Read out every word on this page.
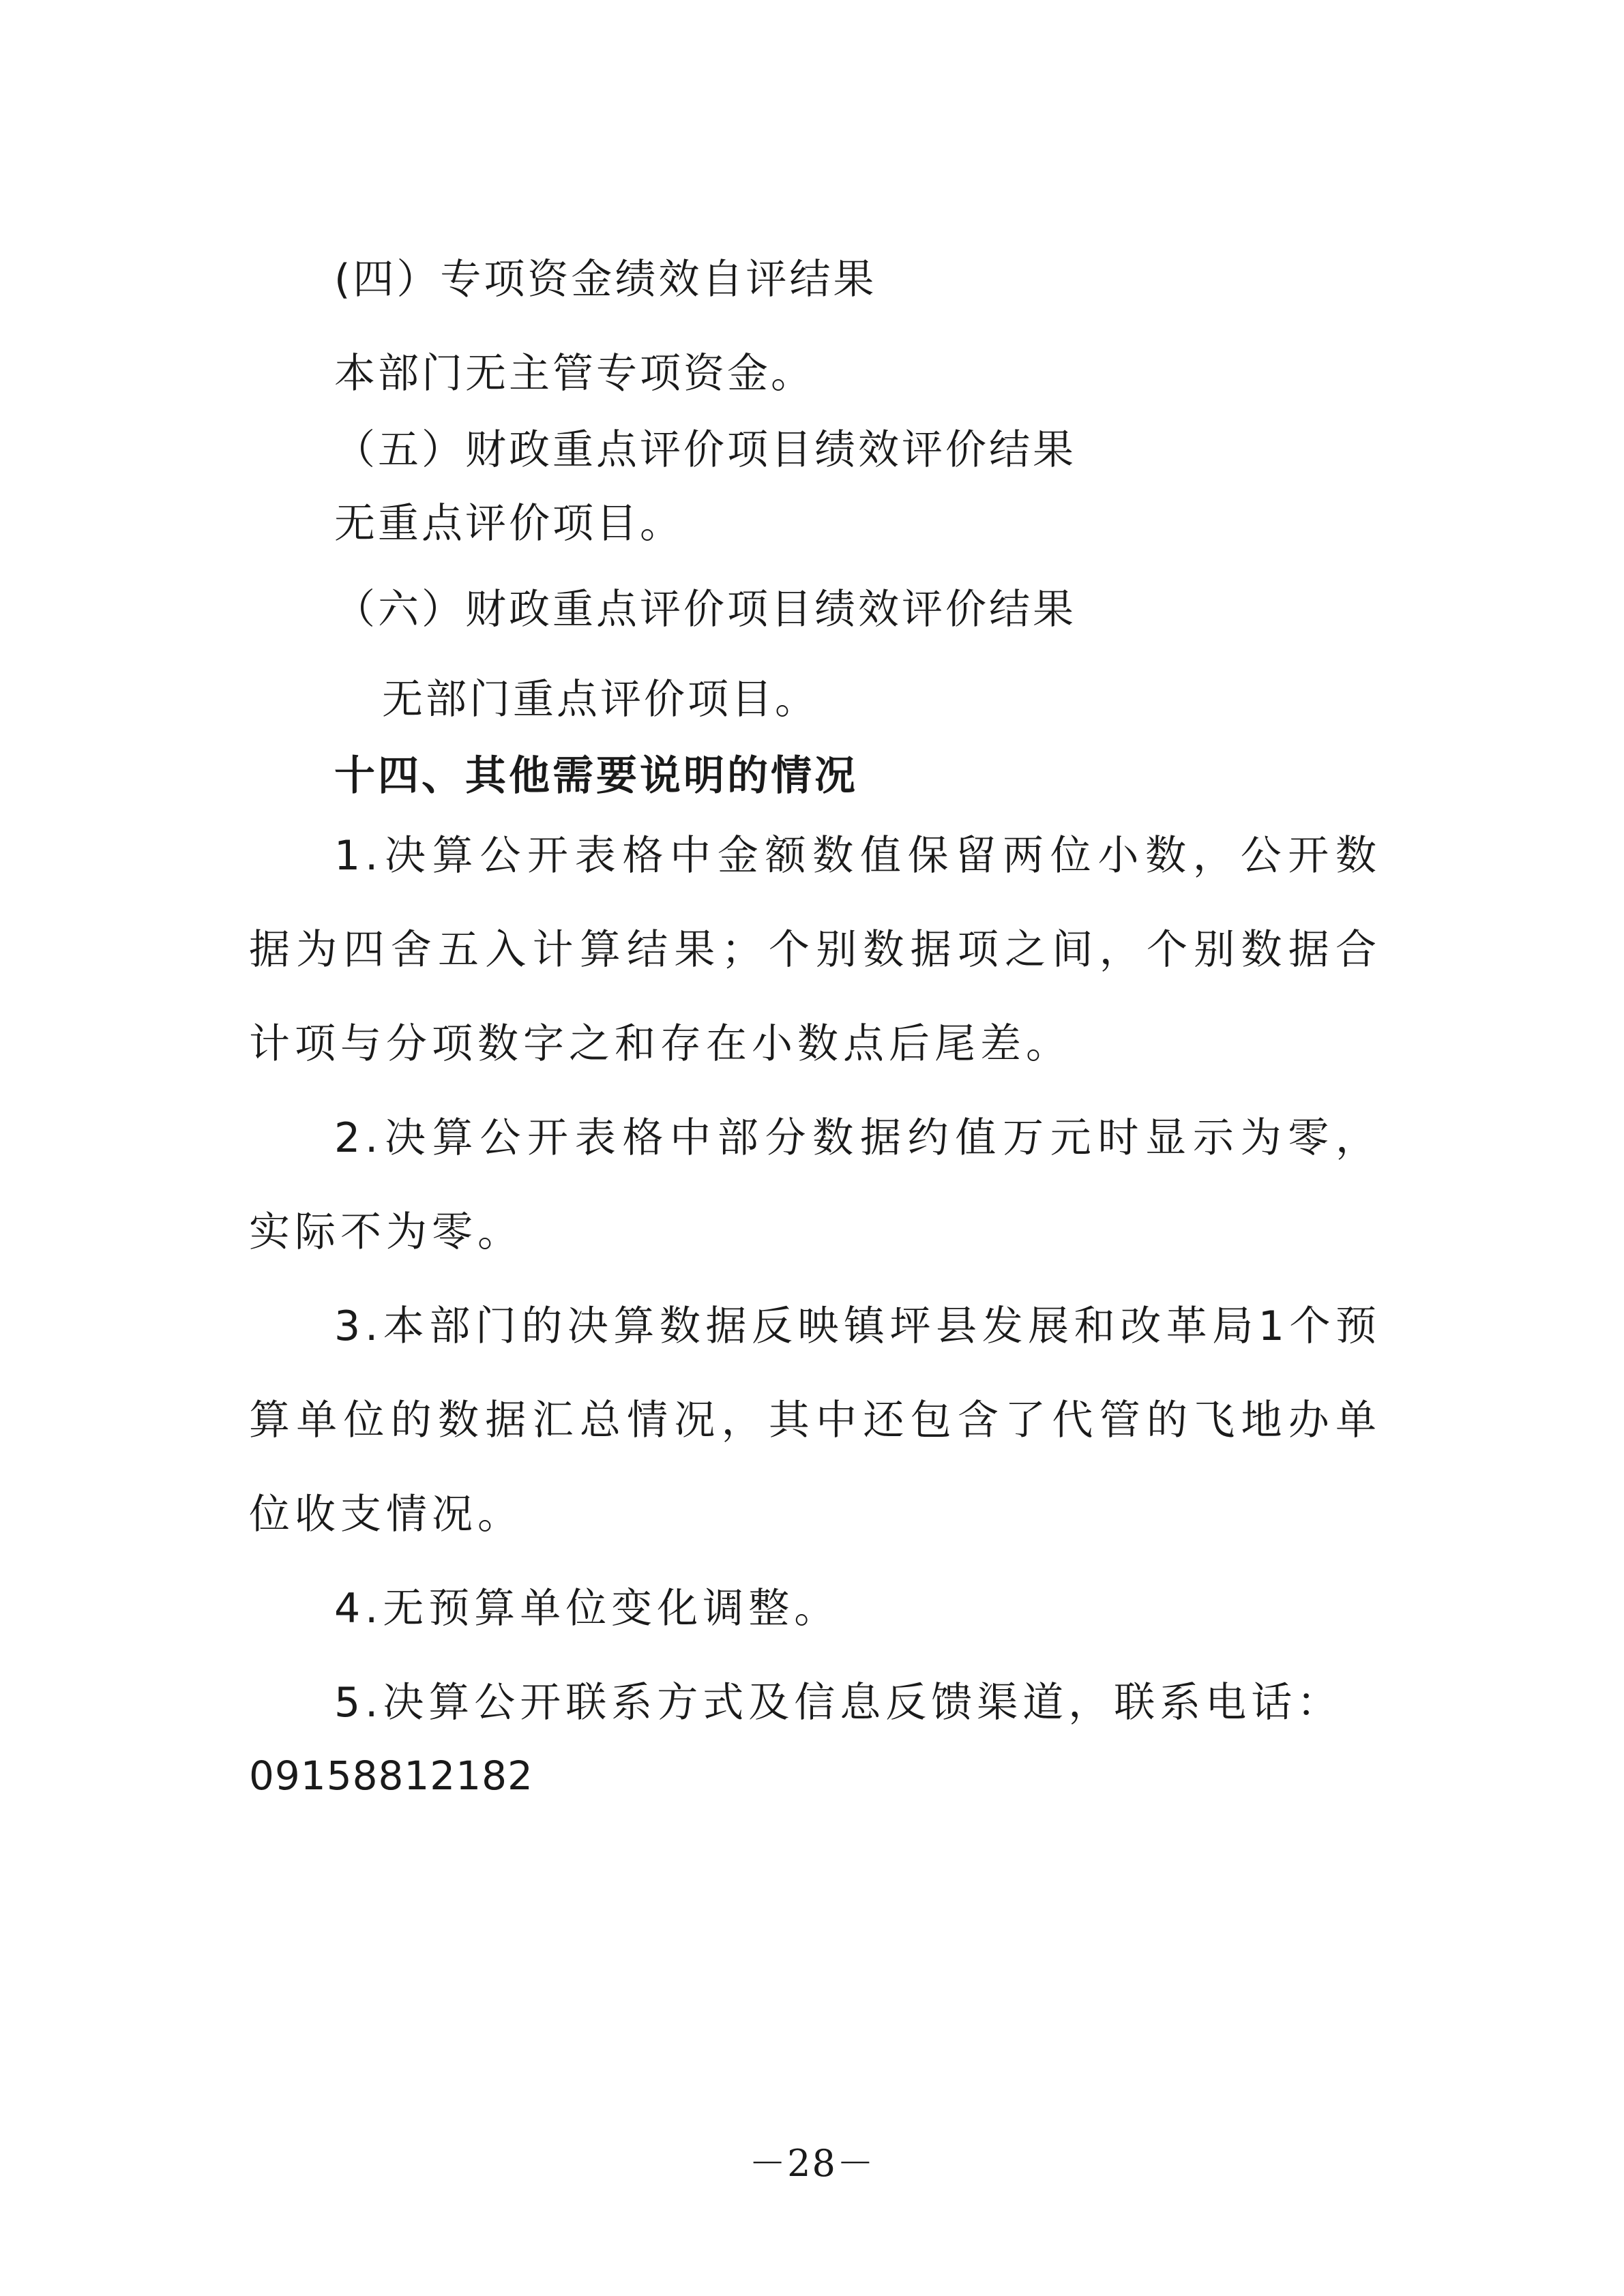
(四）专项资金绩效自评结果
本部门无主管专项资金。
（五）财政重点评价项目绩效评价结果
无重点评价项目。
（六）财政重点评价项目绩效评价结果
无部门重点评价项目。
十四、其他需要说明的情况
1.决算公开表格中金额数值保留两位小数，公开数据为四舍五入计算结果；个别数据项之间，个别数据合计项与分项数字之和存在小数点后尾差。
2.决算公开表格中部分数据约值万元时显示为零，实际不为零。
3.本部门的决算数据反映镇坪县发展和改革局1个预算单位的数据汇总情况，其中还包含了代管的飞地办单位收支情况。
4.无预算单位变化调整。
5.决算公开联系方式及信息反馈渠道，联系电话：
09158812182
－28－
